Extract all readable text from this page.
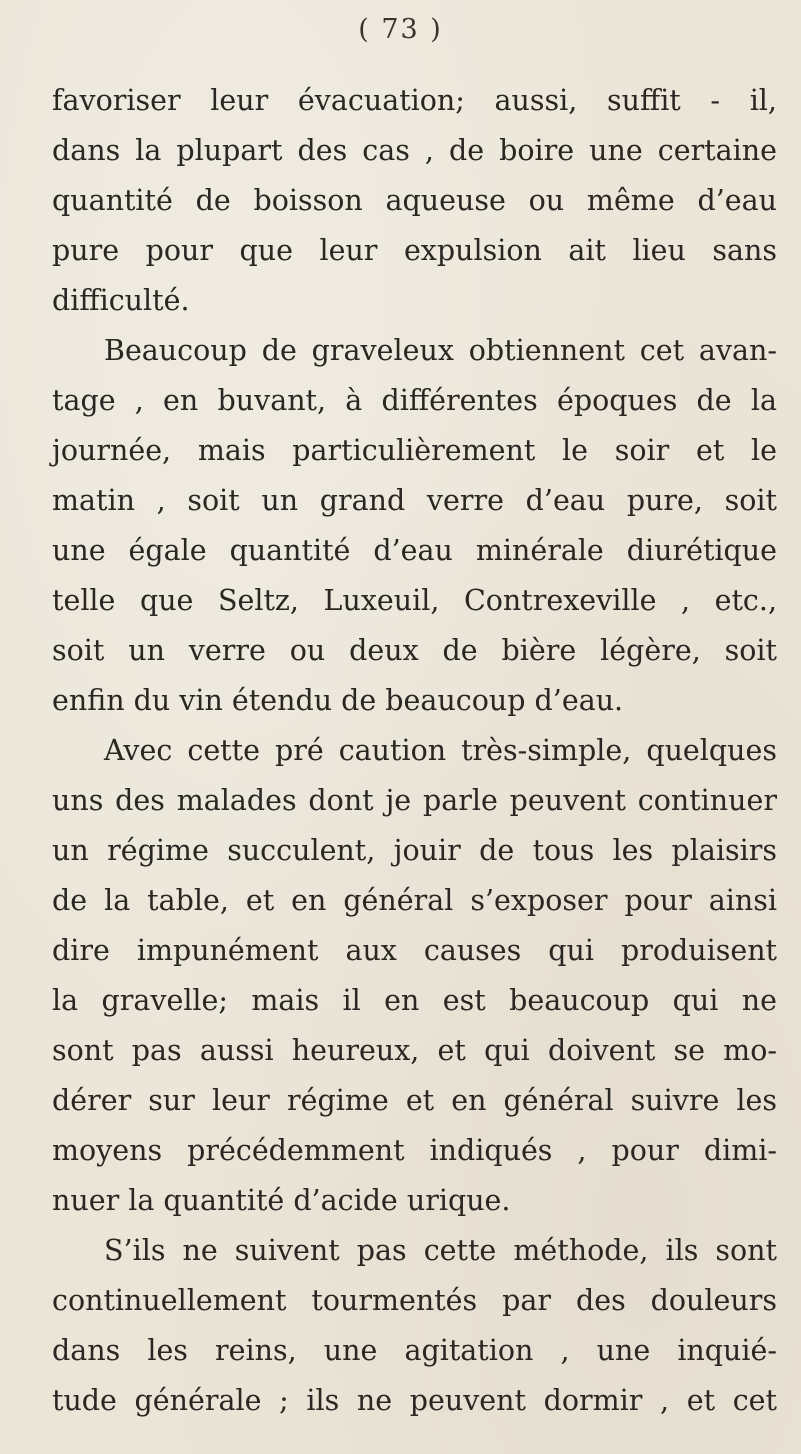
( 73 )
favoriser leur évacuation; aussi, suffit - il,
dans la plupart des cas , de boire une certaine
quantité de boisson aqueuse ou même d’eau
pure pour que leur expulsion ait lieu sans
difficulté.
Beaucoup de graveleux obtiennent cet avan-
tage , en buvant, à différentes époques de la
journée, mais particulièrement le soir et le
matin , soit un grand verre d’eau pure, soit
une égale quantité d’eau minérale diurétique
telle que Seltz, Luxeuil, Contrexeville , etc.,
soit un verre ou deux de bière légère, soit
enfin du vin étendu de beaucoup d’eau.
Avec cette pré caution très-simple, quelques
uns des malades dont je parle peuvent continuer
un régime succulent, jouir de tous les plaisirs
de la table, et en général s’exposer pour ainsi
dire impunément aux causes qui produisent
la gravelle; mais il en est beaucoup qui ne
sont pas aussi heureux, et qui doivent se mo-
dérer sur leur régime et en général suivre les
moyens précédemment indiqués , pour dimi-
nuer la quantité d’acide urique.
S’ils ne suivent pas cette méthode, ils sont
continuellement tourmentés par des douleurs
dans les reins, une agitation , une inquié-
tude générale ; ils ne peuvent dormir , et cet
